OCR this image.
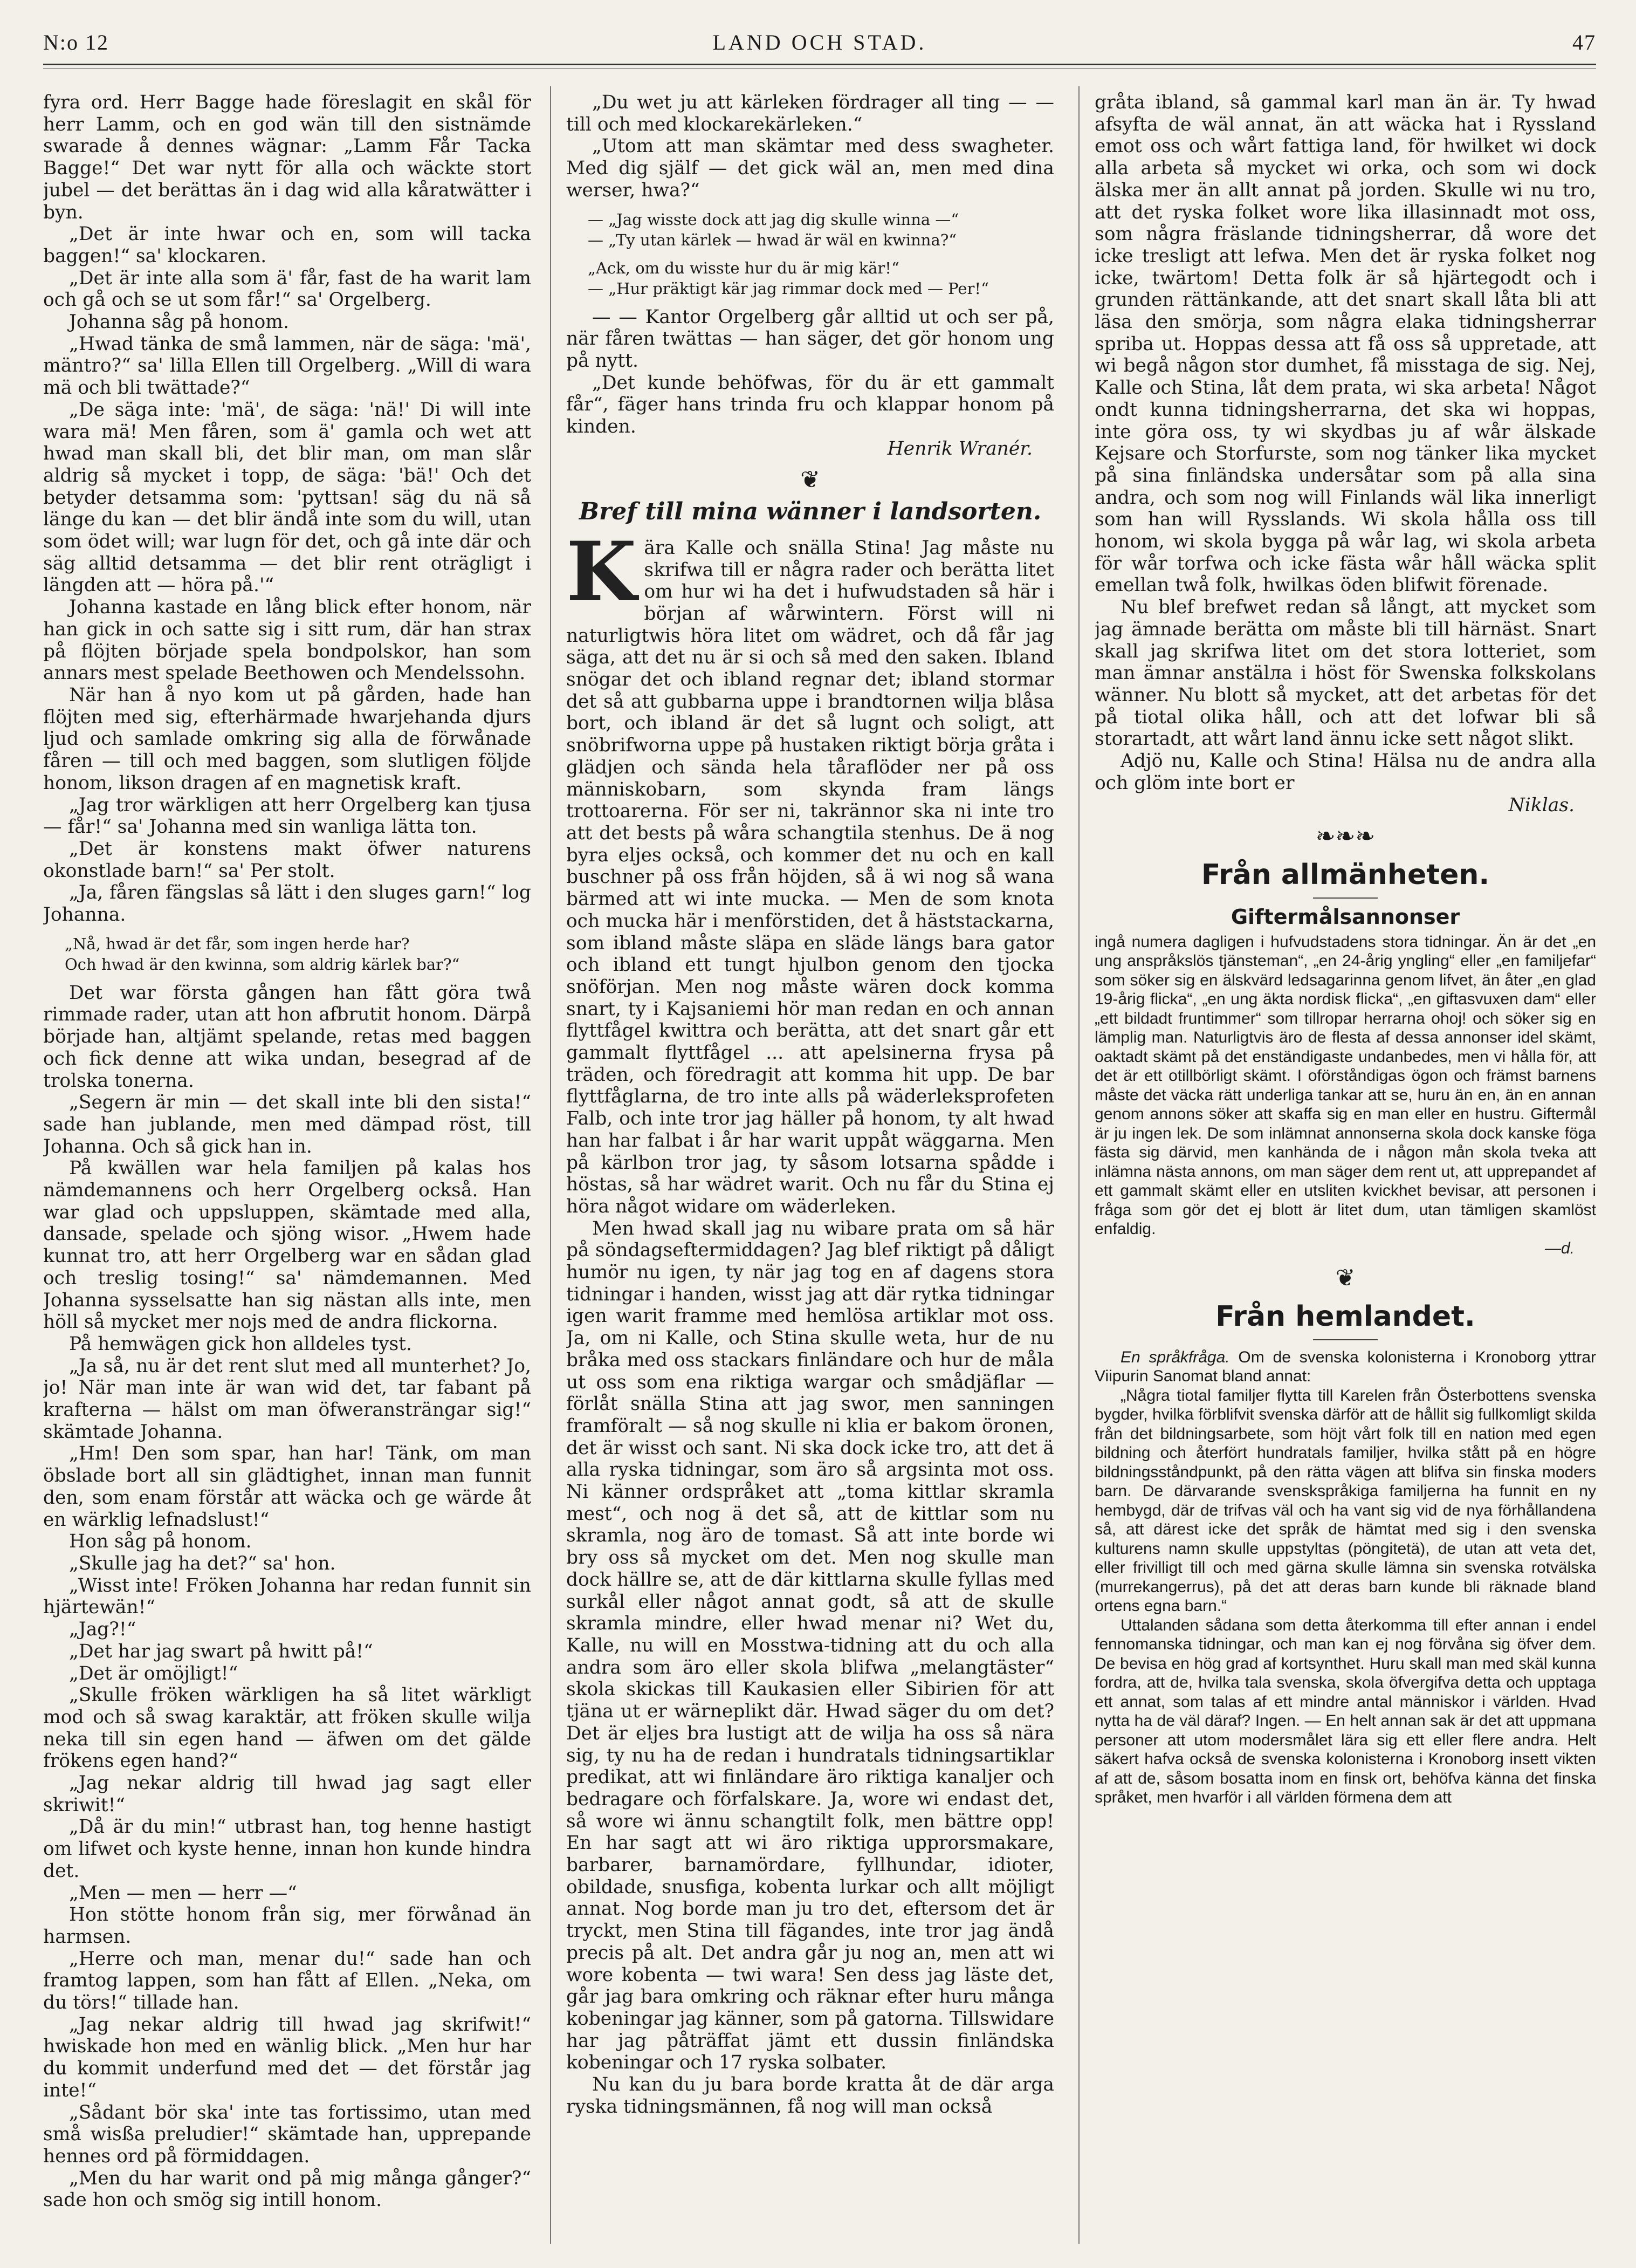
N:o 12	LAND OCH STAD.	47

fyra ord. Herr Bagge hade föreslagit en skål för herr Lamm, och en god wän till den sistnämde swarade å dennes wägnar: „Lamm Får Tacka Bagge!“ Det war nytt för alla och wäckte stort jubel — det berättas än i dag wid alla kåratwätter i byn.

„Det är inte hwar och en, som will tacka baggen!“ sa' klockaren.

„Det är inte alla som ä' får, fast de ha warit lam och gå och se ut som får!“ sa' Orgelberg.

Johanna såg på honom.

„Hwad tänka de små lammen, när de säga: 'mä', mäntro?“ sa' lilla Ellen till Orgelberg. „Will di wara mä och bli twättade?“

„De säga inte: 'mä', de säga: 'nä!' Di will inte wara mä! Men fåren, som ä' gamla och wet att hwad man skall bli, det blir man, om man slår aldrig så mycket i topp, de säga: 'bä!' Och det betyder detsamma som: 'pyttsan! säg du nä så länge du kan — det blir ändå inte som du will, utan som ödet will; war lugn för det, och gå inte där och säg alltid detsamma — det blir rent oträgligt i längden att — höra på.'“

Johanna kastade en lång blick efter honom, när han gick in och satte sig i sitt rum, där han strax på flöjten började spela bondpolskor, han som annars mest spelade Beethowen och Mendelssohn.

När han å nyo kom ut på gården, hade han flöjten med sig, efterhärmade hwarjehanda djurs ljud och samlade omkring sig alla de förwånade fåren — till och med baggen, som slutligen följde honom, likson dragen af en magnetisk kraft.

„Jag tror wärkligen att herr Orgelberg kan tjusa — får!“ sa' Johanna med sin wanliga lätta ton.

„Det är konstens makt öfwer naturens okonstlade barn!“ sa' Per stolt.

„Ja, fåren fängslas så lätt i den sluges garn!“ log Johanna.

„Nå, hwad är det får, som ingen herde har?
Och hwad är den kwinna, som aldrig kärlek bar?“

Det war första gången han fått göra twå rimmade rader, utan att hon afbrutit honom. Därpå började han, altjämt spelande, retas med baggen och fick denne att wika undan, besegrad af de trolska tonerna.

„Segern är min — det skall inte bli den sista!“ sade han jublande, men med dämpad röst, till Johanna. Och så gick han in.

På kwällen war hela familjen på kalas hos nämdemannens och herr Orgelberg också. Han war glad och uppsluppen, skämtade med alla, dansade, spelade och sjöng wisor. „Hwem hade kunnat tro, att herr Orgelberg war en sådan glad och treslig tosing!“ sa' nämdemannen. Med Johanna sysselsatte han sig nästan alls inte, men höll så mycket mer nojs med de andra flickorna.

På hemwägen gick hon alldeles tyst.

„Ja så, nu är det rent slut med all munterhet? Jo, jo! När man inte är wan wid det, tar fabant på krafterna — hälst om man öfweransträngar sig!“ skämtade Johanna.

„Hm! Den som spar, han har! Tänk, om man öbslade bort all sin glädtighet, innan man funnit den, som enam förstår att wäcka och ge wärde åt en wärklig lefnadslust!“

Hon såg på honom.

„Skulle jag ha det?“ sa' hon.

„Wisst inte! Fröken Johanna har redan funnit sin hjärtewän!“

„Jag?!“

„Det har jag swart på hwitt på!“

„Det är omöjligt!“

„Skulle fröken wärkligen ha så litet wärkligt mod och så swag karaktär, att fröken skulle wilja neka till sin egen hand — äfwen om det gälde frökens egen hand?“

„Jag nekar aldrig till hwad jag sagt eller skriwit!“

„Då är du min!“ utbrast han, tog henne hastigt om lifwet och kyste henne, innan hon kunde hindra det.

„Men — men — herr —“

Hon stötte honom från sig, mer förwånad än harmsen.

„Herre och man, menar du!“ sade han och framtog lappen, som han fått af Ellen. „Neka, om du törs!“ tillade han.

„Jag nekar aldrig till hwad jag skrifwit!“ hwiskade hon med en wänlig blick. „Men hur har du kommit underfund med det — det förstår jag inte!“

„Sådant bör ska' inte tas fortissimo, utan med små wisßa preludier!“ skämtade han, upprepande hennes ord på förmiddagen.

„Men du har warit ond på mig många gånger?“ sade hon och smög sig intill honom.

„Du wet ju att kärleken fördrager all ting — — till och med klockarekärleken.“

„Utom att man skämtar med dess swagheter. Med dig själf — det gick wäl an, men med dina werser, hwa?“

— „Jag wisste dock att jag dig skulle winna —“
— „Ty utan kärlek — hwad är wäl en kwinna?“
„Ack, om du wisste hur du är mig kär!“
— „Hur präktigt kär jag rimmar dock med — Per!“

— — Kantor Orgelberg går alltid ut och ser på, när fåren twättas — han säger, det gör honom ung på nytt.

„Det kunde behöfwas, för du är ett gammalt får“, fäger hans trinda fru och klappar honom på kinden.

Henrik Wranér.
❦
Bref till mina wänner i landsorten.
K ära Kalle och snälla Stina! Jag måste nu skrifwa till er några rader och berätta litet om hur wi ha det i hufwudstaden så här i början af wårwintern. Först will ni naturligtwis höra litet om wädret, och då får jag säga, att det nu är si och så med den saken. Ibland snögar det och ibland regnar det; ibland stormar det så att gubbarna uppe i brandtornen wilja blåsa bort, och ibland är det så lugnt och soligt, att snöbrifworna uppe på hustaken riktigt börja gråta i glädjen och sända hela tåraflöder ner på oss människobarn, som skynda fram längs trottoarerna. För ser ni, takrännor ska ni inte tro att det bests på wåra schangtila stenhus. De ä nog byra eljes också, och kommer det nu och en kall buschner på oss från höjden, så ä wi nog så wana bärmed att wi inte mucka. — Men de som knota och mucka här i menförstiden, det å häststackarna, som ibland måste släpa en släde längs bara gator och ibland ett tungt hjulbon genom den tjocka snöförjan. Men nog måste wären dock komma snart, ty i Kajsaniemi hör man redan en och annan flyttfågel kwittra och berätta, att det snart går ett gammalt flyttfågel ... att apelsinerna frysa på träden, och föredragit att komma hit upp. De bar flyttfåglarna, de tro inte alls på wäderleksprofeten Falb, och inte tror jag häller på honom, ty alt hwad han har falbat i år har warit uppåt wäggarna. Men på kärlbon tror jag, ty såsom lotsarna spådde i höstas, så har wädret warit. Och nu får du Stina ej höra något widare om wäderleken.

Men hwad skall jag nu wibare prata om så här på söndagseftermiddagen? Jag blef riktigt på dåligt humör nu igen, ty när jag tog en af dagens stora tidningar i handen, wisst jag att där rytka tidningar igen warit framme med hemlösa artiklar mot oss. Ja, om ni Kalle, och Stina skulle weta, hur de nu bråka med oss stackars finländare och hur de måla ut oss som ena riktiga wargar och smådjäflar — förlåt snälla Stina att jag swor, men sanningen framföralt — så nog skulle ni klia er bakom öronen, det är wisst och sant. Ni ska dock icke tro, att det ä alla ryska tidningar, som äro så argsinta mot oss. Ni känner ordspråket att „toma kittlar skramla mest“, och nog ä det så, att de kittlar som nu skramla, nog äro de tomast. Så att inte borde wi bry oss så mycket om det. Men nog skulle man dock hällre se, att de där kittlarna skulle fyllas med surkål eller något annat godt, så att de skulle skramla mindre, eller hwad menar ni? Wet du, Kalle, nu will en Mosstwa-tidning att du och alla andra som äro eller skola blifwa „melangtäster“ skola skickas till Kaukasien eller Sibirien för att tjäna ut er wärneplikt där. Hwad säger du om det? Det är eljes bra lustigt att de wilja ha oss så nära sig, ty nu ha de redan i hundratals tidningsartiklar predikat, att wi finländare äro riktiga kanaljer och bedragare och förfalskare. Ja, wore wi endast det, så wore wi ännu schangtilt folk, men bättre opp! En har sagt att wi äro riktiga upprorsmakare, barbarer, barnamördare, fyllhundar, idioter, obildade, snusfiga, kobenta lurkar och allt möjligt annat. Nog borde man ju tro det, eftersom det är tryckt, men Stina till fägandes, inte tror jag ändå precis på alt. Det andra går ju nog an, men att wi wore kobenta — twi wara! Sen dess jag läste det, går jag bara omkring och räknar efter huru många kobeningar jag känner, som på gatorna. Tillswidare har jag påträffat jämt ett dussin finländska kobeningar och 17 ryska solbater.

Nu kan du ju bara borde kratta åt de där arga ryska tidningsmännen, få nog will man också

gråta ibland, så gammal karl man än är. Ty hwad afsyfta de wäl annat, än att wäcka hat i Ryssland emot oss och wårt fattiga land, för hwilket wi dock alla arbeta så mycket wi orka, och som wi dock älska mer än allt annat på jorden. Skulle wi nu tro, att det ryska folket wore lika illasinnadt mot oss, som några fräslande tidningsherrar, då wore det icke tresligt att lefwa. Men det är ryska folket nog icke, twärtom! Detta folk är så hjärtegodt och i grunden rättänkande, att det snart skall låta bli att läsa den smörja, som några elaka tidningsherrar spriba ut. Hoppas dessa att få oss så uppretade, att wi begå någon stor dumhet, få misstaga de sig. Nej, Kalle och Stina, låt dem prata, wi ska arbeta! Något ondt kunna tidningsherrarna, det ska wi hoppas, inte göra oss, ty wi skydbas ju af wår älskade Kejsare och Storfurste, som nog tänker lika mycket på sina finländska undersåtar som på alla sina andra, och som nog will Finlands wäl lika innerligt som han will Rysslands. Wi skola hålla oss till honom, wi skola bygga på wår lag, wi skola arbeta för wår torfwa och icke fästa wår håll wäcka split emellan twå folk, hwilkas öden blifwit förenade.

Nu blef brefwet redan så långt, att mycket som jag ämnade berätta om måste bli till härnäst. Snart skall jag skrifwa litet om det stora lotteriet, som man ämnar anstälла i höst för Swenska folkskolans wänner. Nu blott så mycket, att det arbetas för det på tiotal olika håll, och att det lofwar bli så storartadt, att wårt land ännu icke sett något slikt.

Adjö nu, Kalle och Stina! Hälsa nu de andra alla och glöm inte bort er

Niklas.
❧❧❧
Från allmänheten.
Giftermålsannonser

ingå numera dagligen i hufvudstadens stora tidningar. Än är det „en ung anspråkslös tjänsteman“, „en 24-årig yngling“ eller „en familjefar“ som söker sig en älskvärd ledsagarinna genom lifvet, än åter „en glad 19-årig flicka“, „en ung äkta nordisk flicka“, „en giftasvuxen dam“ eller „ett bildadt fruntimmer“ som tillropar herrarna ohoj! och söker sig en lämplig man. Naturligtvis äro de flesta af dessa annonser idel skämt, oaktadt skämt på det enständigaste undanbedes, men vi hålla för, att det är ett otillbörligt skämt. I oförståndigas ögon och främst barnens måste det väcka rätt underliga tankar att se, huru än en, än en annan genom annons söker att skaffa sig en man eller en hustru. Giftermål är ju ingen lek. De som inlämnat annonserna skola dock kanske föga fästa sig därvid, men kanhända de i någon mån skola tveka att inlämna nästa annons, om man säger dem rent ut, att upprepandet af ett gammalt skämt eller en utsliten kvickhet bevisar, att personen i fråga som gör det ej blott är litet dum, utan tämligen skamlöst enfaldig.

—d.
❦
Från hemlandet.

En språkfråga. Om de svenska kolonisterna i Kronoborg yttrar Viipurin Sanomat bland annat:

„Några tiotal familjer flytta till Karelen från Österbottens svenska bygder, hvilka förblifvit svenska därför att de hållit sig fullkomligt skilda från det bildningsarbete, som höjt vårt folk till en nation med egen bildning och återfört hundratals familjer, hvilka stått på en högre bildningsståndpunkt, på den rätta vägen att blifva sin finska moders barn. De därvarande svenskspråkiga familjerna ha funnit en ny hembygd, där de trifvas väl och ha vant sig vid de nya förhållandena så, att därest icke det språk de hämtat med sig i den svenska kulturens namn skulle uppstyltas (pöngitetä), de utan att veta det, eller frivilligt till och med gärna skulle lämna sin svenska rotvälska (murrekangerrus), på det att deras barn kunde bli räknade bland ortens egna barn.“

Uttalanden sådana som detta återkomma till efter annan i endel fennomanska tidningar, och man kan ej nog förvåna sig öfver dem. De bevisa en hög grad af kortsynthet. Huru skall man med skäl kunna fordra, att de, hvilka tala svenska, skola öfvergifva detta och upptaga ett annat, som talas af ett mindre antal människor i världen. Hvad nytta ha de väl däraf? Ingen. — En helt annan sak är det att uppmana personer att utom modersmålet lära sig ett eller flere andra. Helt säkert hafva också de svenska kolonisterna i Kronoborg insett vikten af att de, såsom bosatta inom en finsk ort, behöfva känna det finska språket, men hvarför i all världen förmena dem att
